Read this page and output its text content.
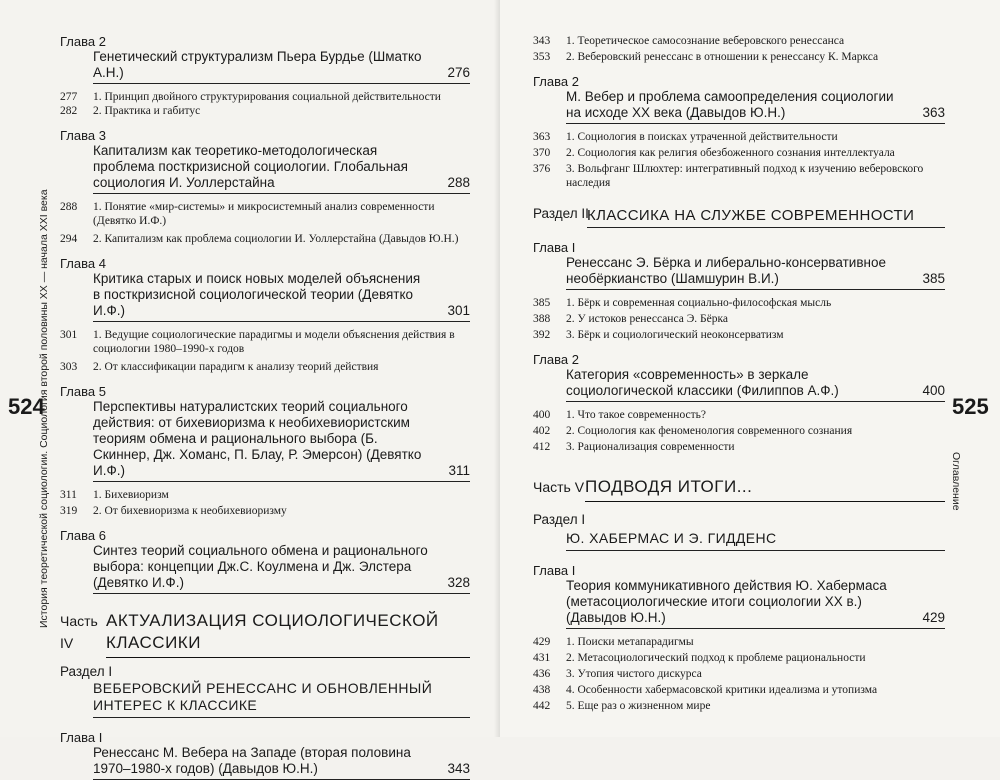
524
История теоретической социологии. Социология второй половины XX — начала XXI века
Глава 2
Генетический структурализм Пьера Бурдье (Шматко А.Н.)	276
277	1. Принцип двойного структурирования социальной действительности
282	2. Практика и габитус
Глава 3
Капитализм как теоретико-методологическая проблема посткризисной социологии. Глобальная социология И. Уоллерстайна	288
288	1. Понятие «мир-системы» и микросистемный анализ современности (Девятко И.Ф.)
294	2. Капитализм как проблема социологии И. Уоллерстайна (Давыдов Ю.Н.)
Глава 4
Критика старых и поиск новых моделей объяснения в посткризисной социологической теории (Девятко И.Ф.)	301
301	1. Ведущие социологические парадигмы и модели объяснения действия в социологии 1980–1990-х годов
303	2. От классификации парадигм к анализу теорий действия
Глава 5
Перспективы натуралистских теорий социального действия: от бихевиоризма к необихевиористским теориям обмена и рационального выбора (Б. Скиннер, Дж. Хоманс, П. Блау, Р. Эмерсон) (Девятко И.Ф.)	311
311	1. Бихевиоризм
319	2. От бихевиоризма к необихевиоризму
Глава 6
Синтез теорий социального обмена и рационального выбора: концепции Дж.С. Коулмена и Дж. Элстера (Девятко И.Ф.)	328
Часть IV
АКТУАЛИЗАЦИЯ СОЦИОЛОГИЧЕСКОЙ КЛАССИКИ
Раздел I
ВЕБЕРОВСКИЙ РЕНЕССАНС И ОБНОВЛЕННЫЙ ИНТЕРЕС К КЛАССИКЕ
Глава I
Ренессанс М. Вебера на Западе (вторая половина 1970–1980-х годов) (Давыдов Ю.Н.)	343
525
Оглавление
343	1. Теоретическое самосознание веберовского ренессанса
353	2. Веберовский ренессанс в отношении к ренессансу К. Маркса
Глава 2
М. Вебер и проблема самоопределения социологии на исходе XX века (Давыдов Ю.Н.)	363
363	1. Социология в поисках утраченной действительности
370	2. Социология как религия обезбоженного сознания интеллектуала
376	3. Вольфганг Шлюхтер: интегративный подход к изучению веберовского наследия
Раздел II
КЛАССИКА НА СЛУЖБЕ СОВРЕМЕННОСТИ
Глава I
Ренессанс Э. Бёрка и либерально-консервативное необёркианство (Шамшурин В.И.)	385
385	1. Бёрк и современная социально-философская мысль
388	2. У истоков ренессанса Э. Бёрка
392	3. Бёрк и социологический неоконсерватизм
Глава 2
Категория «современность» в зеркале социологической классики (Филиппов А.Ф.)	400
400	1. Что такое современность?
402	2. Социология как феноменология современного сознания
412	3. Рационализация современности
Часть V ПОДВОДЯ ИТОГИ...
Раздел I
Ю. ХАБЕРМАС И Э. ГИДДЕНС
Глава I
Теория коммуникативного действия Ю. Хабермаса (метасоциологические итоги социологии XX в.) (Давыдов Ю.Н.)	429
429	1. Поиски метапарадигмы
431	2. Метасоциологический подход к проблеме рациональности
436	3. Утопия чистого дискурса
438	4. Особенности хабермасовской критики идеализма и утопизма
442	5. Еще раз о жизненном мире
